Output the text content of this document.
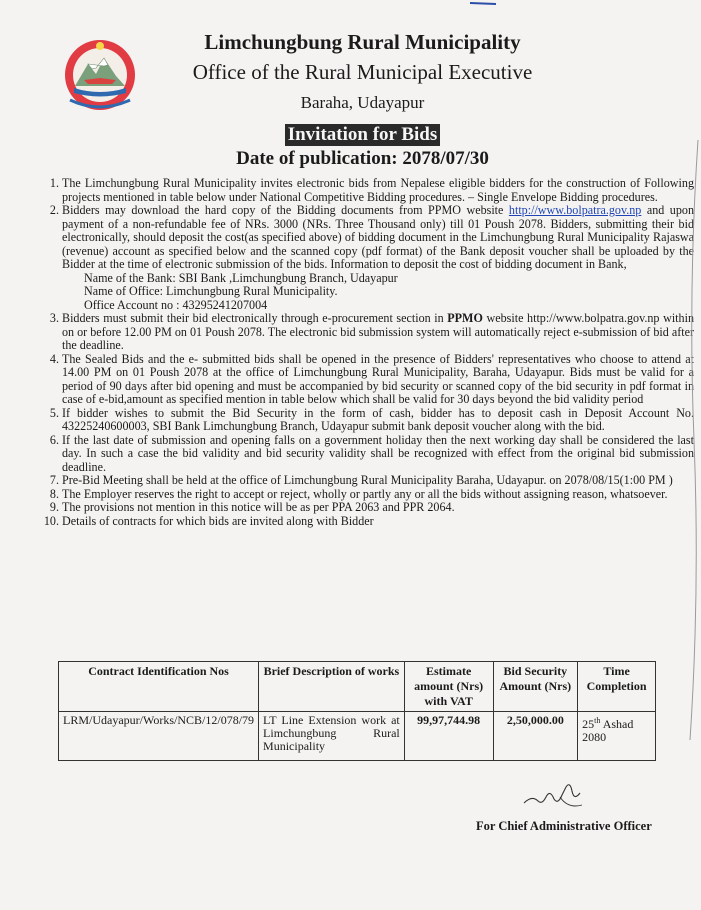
Limchungbung Rural Municipality
Office of the Rural Municipal Executive
Baraha, Udayapur
Invitation for Bids
Date of publication: 2078/07/30
1. The Limchungbung Rural Municipality invites electronic bids from Nepalese eligible bidders for the construction of Following projects mentioned in table below under National Competitive Bidding procedures. – Single Envelope Bidding procedures.
2. Bidders may download the hard copy of the Bidding documents from PPMO website http://www.bolpatra.gov.np and upon payment of a non-refundable fee of NRs. 3000 (NRs. Three Thousand only) till 01 Poush 2078. Bidders, submitting their bid electronically, should deposit the cost(as specified above) of bidding document in the Limchungbung Rural Municipality Rajaswa (revenue) account as specified below and the scanned copy (pdf format) of the Bank deposit voucher shall be uploaded by the Bidder at the time of electronic submission of the bids. Information to deposit the cost of bidding document in Bank,
Name of the Bank: SBI Bank ,Limchungbung Branch, Udayapur
Name of Office: Limchungbung Rural Municipality.
Office Account no : 43295241207004
3. Bidders must submit their bid electronically through e-procurement section in PPMO website http://www.bolpatra.gov.np within on or before 12.00 PM on 01 Poush 2078. The electronic bid submission system will automatically reject e-submission of bid after the deadline.
4. The Sealed Bids and the e- submitted bids shall be opened in the presence of Bidders' representatives who choose to attend at 14.00 PM on 01 Poush 2078 at the office of Limchungbung Rural Municipality, Baraha, Udayapur. Bids must be valid for a period of 90 days after bid opening and must be accompanied by bid security or scanned copy of the bid security in pdf format in case of e-bid,amount as specified mention in table below which shall be valid for 30 days beyond the bid validity period
5. If bidder wishes to submit the Bid Security in the form of cash, bidder has to deposit cash in Deposit Account No. 43225240600003, SBI Bank Limchungbung Branch, Udayapur submit bank deposit voucher along with the bid.
6. If the last date of submission and opening falls on a government holiday then the next working day shall be considered the last day. In such a case the bid validity and bid security validity shall be recognized with effect from the original bid submission deadline.
7. Pre-Bid Meeting shall be held at the office of Limchungbung Rural Municipality Baraha, Udayapur. on 2078/08/15(1:00 PM )
8. The Employer reserves the right to accept or reject, wholly or partly any or all the bids without assigning reason, whatsoever.
9. The provisions not mention in this notice will be as per PPA 2063 and PPR 2064.
10. Details of contracts for which bids are invited along with Bidder
Contract Identification Nos	Brief Description of works	Estimate amount (Nrs) with VAT	Bid Security Amount (Nrs)	Time Completion
LRM/Udayapur/Works/NCB/12/078/79	LT Line Extension work at Limchungbung Rural Municipality	99,97,744.98	2,50,000.00	25th Ashad 2080
For Chief Administrative Officer
